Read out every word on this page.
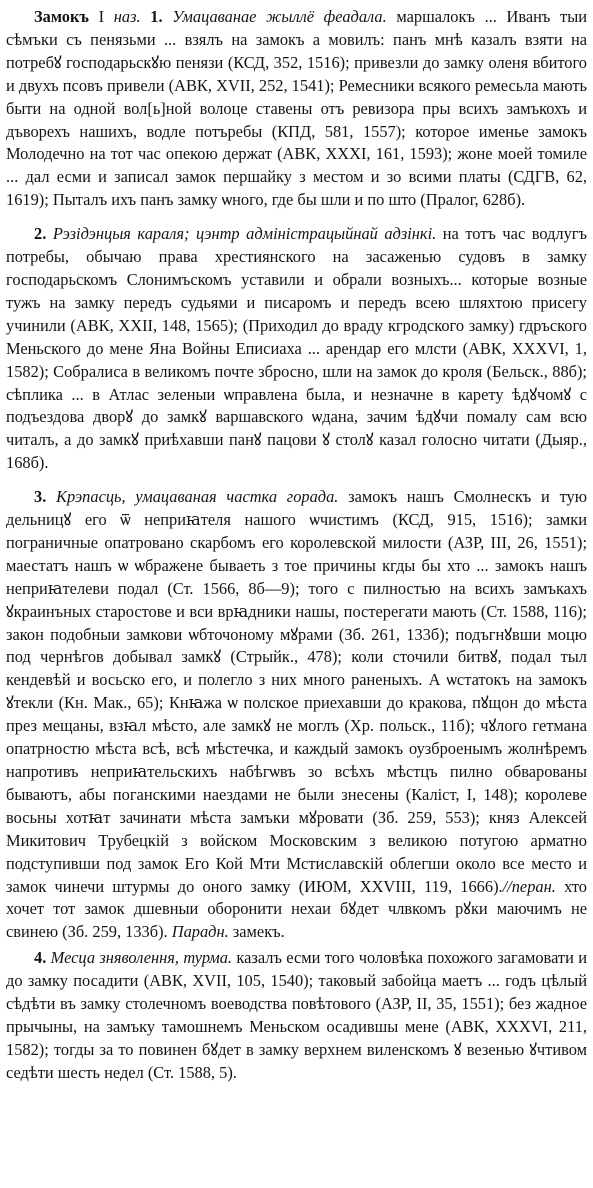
Замокъ I наз. 1. Умацаванае жыллё феадала. маршалокъ ... Иванъ тыи сѣмъки съ пенязьми ... взялъ на замокъ а мовилъ: панъ мнѣ казалъ взяти на потребꙋ господарьскꙋю пенязи (КСД, 352, 1516); привезли до замку оленя вбитого и двухъ псовъ привели (АВК, XVII, 252, 1541); Ремесники всякого ремесьла мають быти на одной вол[ь]ной волоце ставены отъ ревизора пры всихъ замъкохъ и дъворехъ нашихъ, водле потъребы (КПД, 581, 1557); которое именье замокъ Молодечно на тот час опекою держат (АВК, XXXI, 161, 1593); жоне моей томиле ... дал есми и записал замок першайку з местом и зо всими платы (СДГВ, 62, 1619); Пыталъ ихъ панъ замку ѡного, где бы шли и по што (Пралог, 628б).

2. Рэзідэнцыя караля; цэнтр адміністрацыйнай адзінкі. на тотъ час водлугъ потребы, обычаю права хрестиянского на засаженью судовъ в замку господарьскомъ Слонимъскомъ уставили и обрали возныхъ... которые возные тужъ на замку передъ судьями и писаромъ и передъ всею шляхтою присегу учинили (АВК, XXII, 148, 1565); (Приходил до враду кгродского замку) гдръского Меньского до мене Яна Войны Еписиаха ... арендар его млсти (АВК, XXXVI, 1, 1582); Собралиса в великомъ почте збросно, шли на замок до кроля (Бельск., 88б); сѣплика ... в Атлас зеленыи ѡправлена была, и незначне в карету ѣдꙋчомꙋ с подъездова дворꙋ до замкꙋ варшавского ѡдана, зачим ѣдꙋчи помалу сам всю читалъ, а до замкꙋ приѣхавши панꙋ пацови ꙋ столꙋ казал голосно читати (Дыяр., 168б).

3. Крэпасць, умацаваная частка горада. замокъ нашъ Смолнескъ и тую дельницꙋ его ѿ неприꙗтеля нашого ѡчистимъ (КСД, 915, 1516); замки пограничные опатровано скарбомъ его королевской милости (АЗР, III, 26, 1551); маестатъ нашъ ѡ ѡбражене бываеть з тое причины кгды бы хто ... замокъ нашъ неприꙗтелеви подал (Ст. 1566, 8б—9); того с пилностью на всихъ замъкахъ ꙋкраинъных старостове и вси врꙗдники нашы, постерегати мають (Ст. 1588, 116); закон подобныи замкови ѡбточоному мꙋрами (Зб. 261, 133б); подъгнꙋвши моцю под чернѣгов добывал замкꙋ (Стрыйк., 478); коли сточили битвꙋ, подал тыл кендевѣй и восьско его, и полегло з них много раненыхъ. А ѡстатокъ на замокъ ꙋтекли (Кн. Мак., 65); Кнꙗжа ѡ полское приехавши до кракова, пꙋщон до мѣста през мещаны, взꙗл мѣсто, але замкꙋ не моглъ (Хр. польск., 11б); чꙋлого гетмана опатрностю мѣста всѣ, всѣ мѣстечка, и каждый замокъ оузброенымъ жолнѣремъ напротивъ неприꙗтельскихъ набѣгѡвъ зо всѣхъ мѣстцъ пилно обварованы бываютъ, абы поганскими наездами не были знесены (Каліст, I, 148); королеве восьны хотꙗт зачинати мѣста замъки мꙋровати (Зб. 259, 553); княз Алексей Микитович Трубецкій з войском Московским з великою потугою арматно подступивши под замок Его Кой Мти Мстиславскій облегши около все место и замок чинечи штурмы до оного замку (ИЮМ, XXVIII, 119, 1666).//перан. хто хочет тот замок дшевныи оборонити нехаи бꙋдет члвкомъ рꙋки маючимъ не свинею (Зб. 259, 133б). Парадн. замекъ.

4. Месца зняволення, турма. казалъ есми того чоловѣка похожого загамовати и до замку посадити (АВК, XVII, 105, 1540); таковый забойца маетъ ... годъ цѣлый сѣдѣти въ замку столечномъ воеводства повѣтового (АЗР, II, 35, 1551); без жадное прычыны, на замъку тамошнемъ Меньском осадившы мене (АВК, XXXVI, 211, 1582); тогды за то повинен бꙋдет в замку верхнем виленскомъ ꙋ везенью ꙋчтивом седѣти шесть недел (Ст. 1588, 5).
